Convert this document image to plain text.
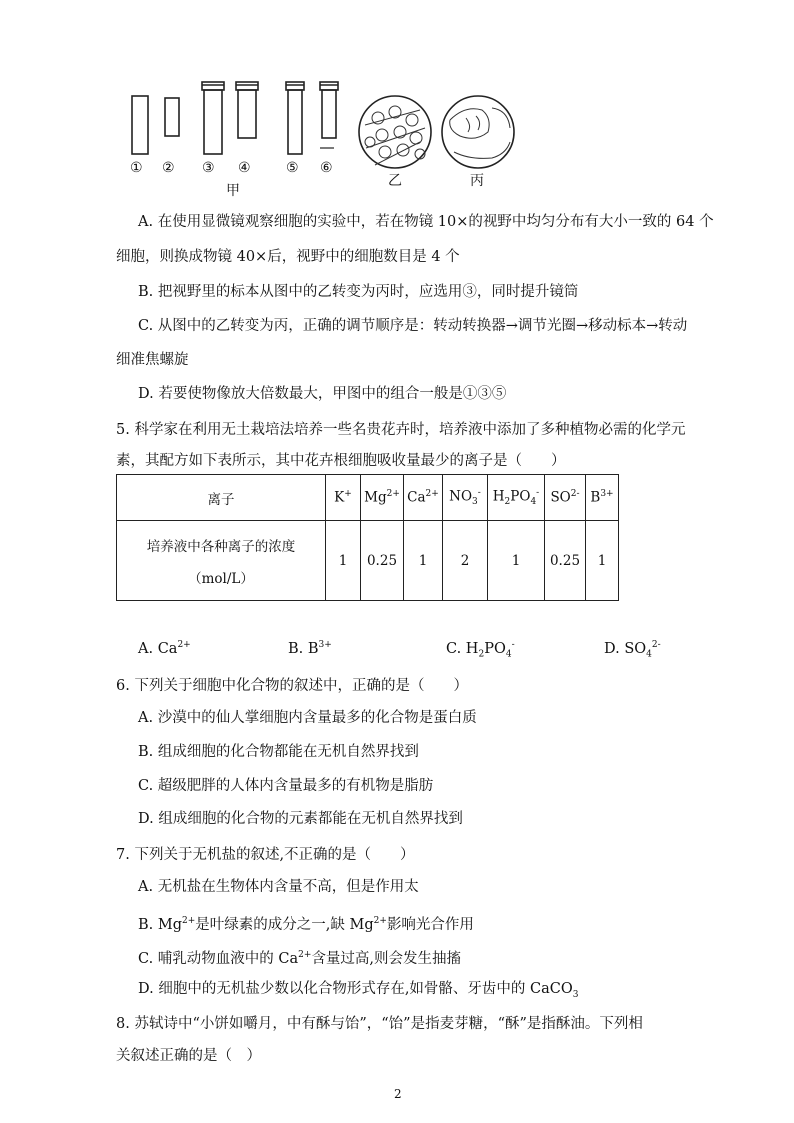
① ② ③ ④	⑤ ⑥
甲
乙	丙
A. 在使用显微镜观察细胞的实验中，若在物镜 10×的视野中均匀分布有大小一致的 64 个
细胞，则换成物镜 40×后，视野中的细胞数目是 4 个
B. 把视野里的标本从图中的乙转变为丙时，应选用③，同时提升镜筒
C. 从图中的乙转变为丙，正确的调节顺序是：转动转换器→调节光圈→移动标本→转动
细准焦螺旋
D. 若要使物像放大倍数最大，甲图中的组合一般是①③⑤
5. 科学家在利用无土栽培法培养一些名贵花卉时，培养液中添加了多种植物必需的化学元
素，其配方如下表所示，其中花卉根细胞吸收量最少的离子是（　　）
离子	K+	$Mg^{2+}$	$Ca^{2+}$	$NO_3^-$	$H_2PO_4^-$	$SO^{2-}$	$B^{3+}$

培养液中各种离子的浓度
（mol/L）	1	0.25	1	2	1	0.25	1
A. $Ca^{2+}$	B. $B^{3+}$	C. $H_2PO_4^-$	D. $SO_4^{2-}$
6. 下列关于细胞中化合物的叙述中，正确的是（　　）
A. 沙漠中的仙人掌细胞内含量最多的化合物是蛋白质
B. 组成细胞的化合物都能在无机自然界找到
C. 超级肥胖的人体内含量最多的有机物是脂肪
D. 组成细胞的化合物的元素都能在无机自然界找到
7. 下列关于无机盐的叙述,不正确的是（　　）
A. 无机盐在生物体内含量不高，但是作用太
B. $Mg^{2+}$是叶绿素的成分之一,缺 $Mg^{2+}$影响光合作用
C. 哺乳动物血液中的 $Ca^{2+}$含量过高,则会发生抽搐
D. 细胞中的无机盐少数以化合物形式存在,如骨骼、牙齿中的 CaCO$_3$
8. 苏轼诗中“小饼如嚼月，中有酥与饴”，“饴”是指麦芽糖，“酥”是指酥油。下列相
关叙述正确的是（　）
2
